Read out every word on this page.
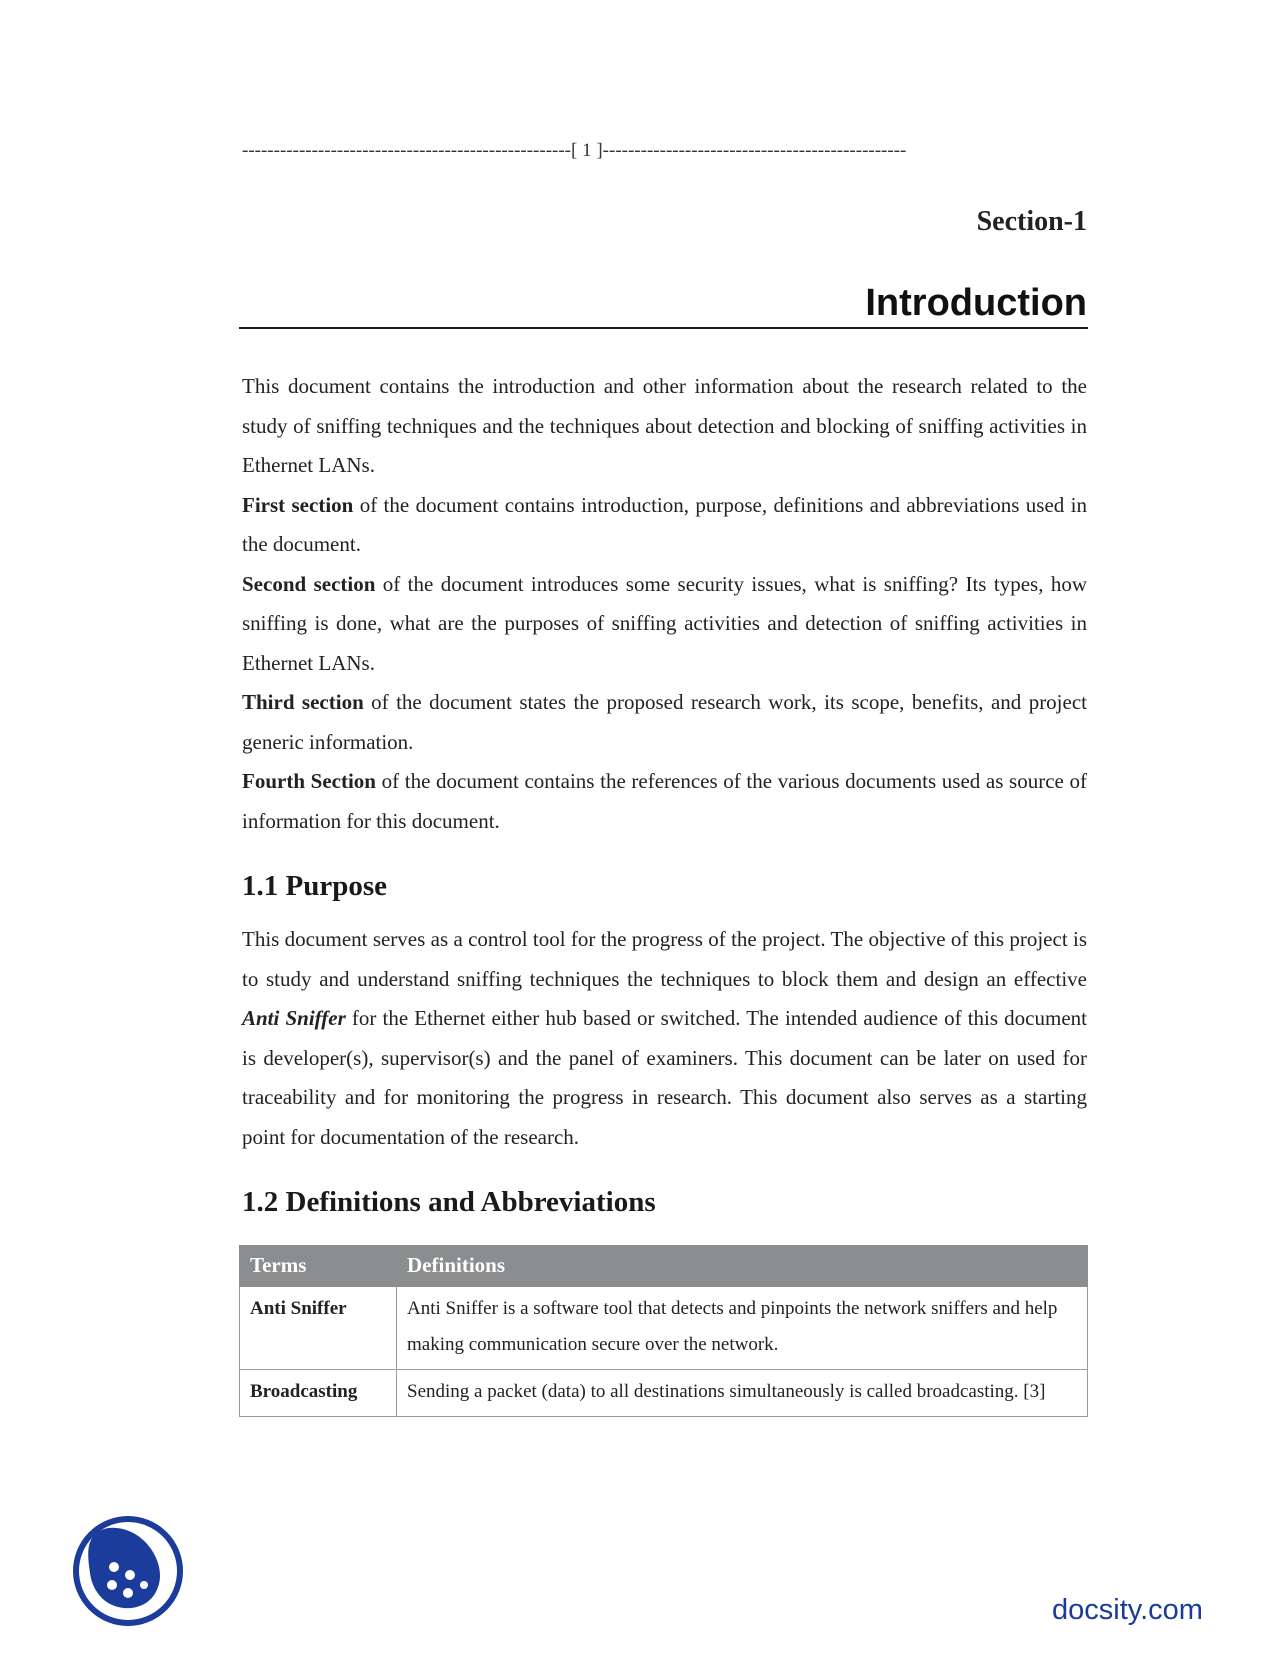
----------------------------------------------------[ 1 ]------------------------------------------------
Section-1
Introduction

This document contains the introduction and other information about the research related to the study of sniffing techniques and the techniques about detection and blocking of sniffing activities in Ethernet LANs.

First section of the document contains introduction, purpose, definitions and abbreviations used in the document.

Second section of the document introduces some security issues, what is sniffing? Its types, how sniffing is done, what are the purposes of sniffing activities and detection of sniffing activities in Ethernet LANs.

Third section of the document states the proposed research work, its scope, benefits, and project generic information.

Fourth Section of the document contains the references of the various documents used as source of information for this document.

1.1 Purpose

This document serves as a control tool for the progress of the project. The objective of this project is to study and understand sniffing techniques the techniques to block them and design an effective Anti Sniffer for the Ethernet either hub based or switched. The intended audience of this document is developer(s), supervisor(s) and the panel of examiners. This document can be later on used for traceability and for monitoring the progress in research. This document also serves as a starting point for documentation of the research.

1.2 Definitions and Abbreviations
Terms	Definitions
Anti Sniffer	Anti Sniffer is a software tool that detects and pinpoints the network sniffers and help making communication secure over the network.
Broadcasting	Sending a packet (data) to all destinations simultaneously is called broadcasting. [3]
docsity.com
